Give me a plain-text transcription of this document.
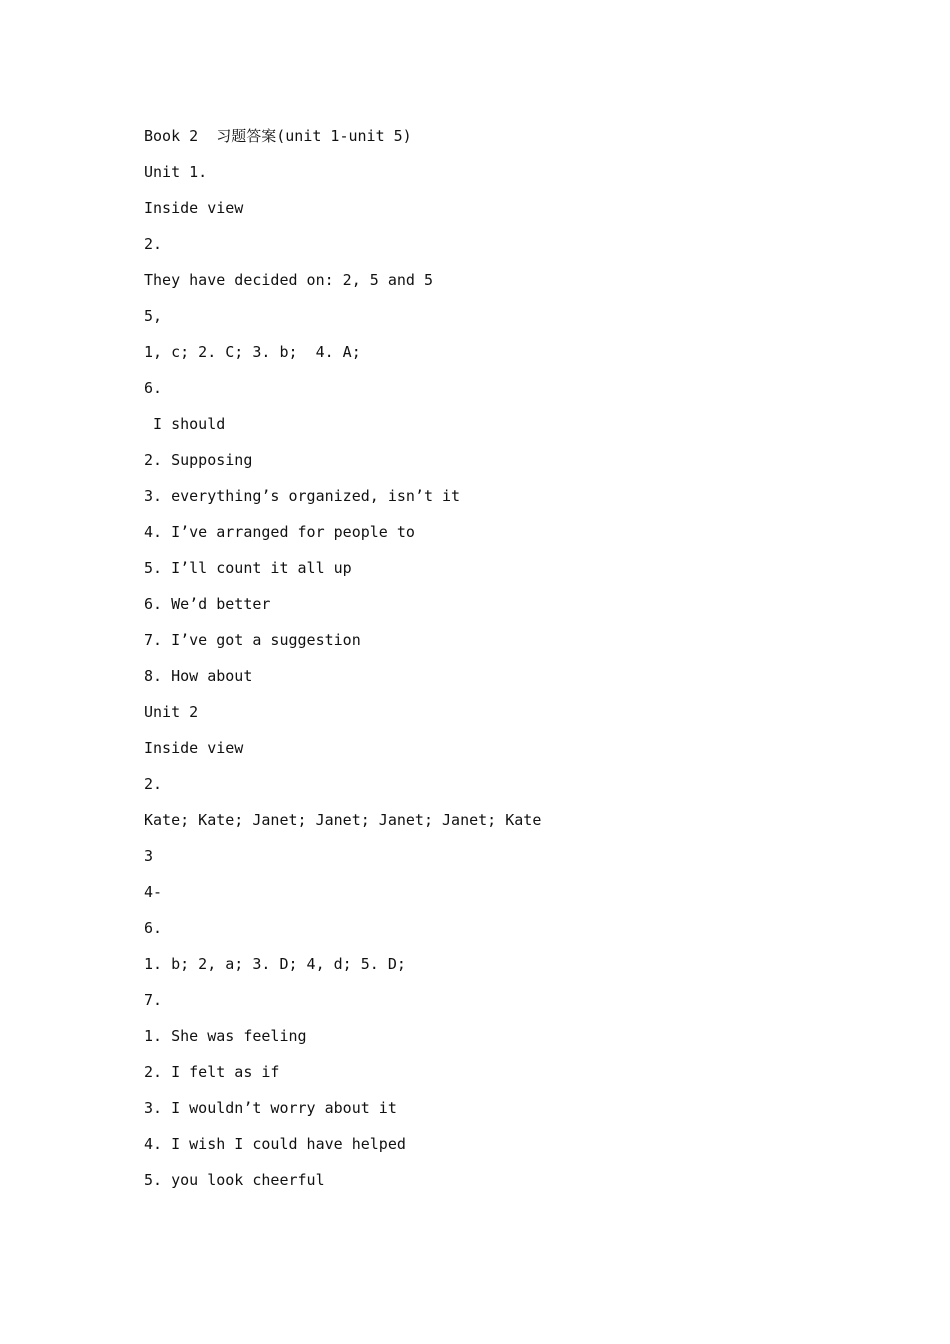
Book 2  习题答案(unit 1-unit 5)
Unit 1.
Inside view
2.
They have decided on: 2, 5 and 5
5,
1, c; 2. C; 3. b;  4. A;
6.
I should
2. Supposing
3. everything’s organized, isn’t it
4. I’ve arranged for people to
5. I’ll count it all up
6. We’d better
7. I’ve got a suggestion
8. How about
Unit 2
Inside view
2.
Kate; Kate; Janet; Janet; Janet; Janet; Kate
3
4-
6.
1. b; 2, a; 3. D; 4, d; 5. D;
7.
1. She was feeling
2. I felt as if
3. I wouldn’t worry about it
4. I wish I could have helped
5. you look cheerful
